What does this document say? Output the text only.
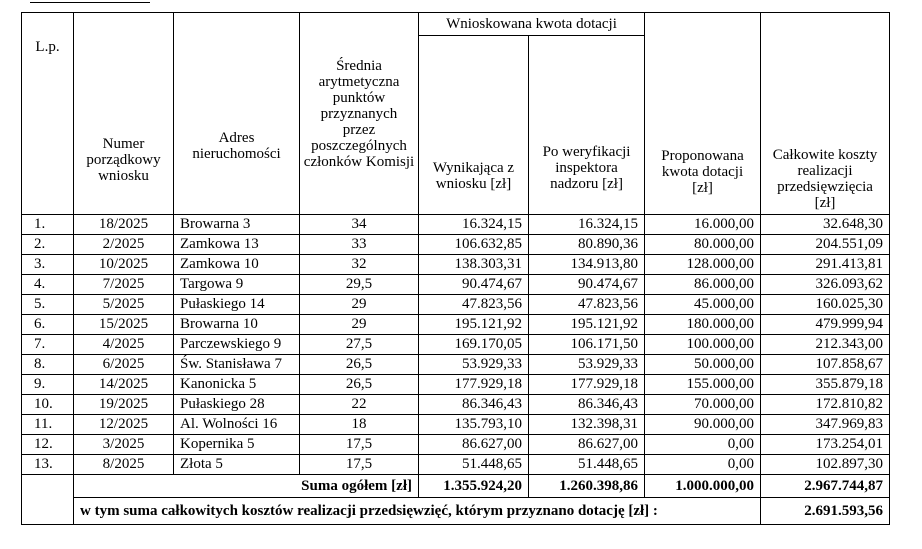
L.p.	Numer porządkowy wniosku	Adres nieruchomości	Średnia arytmetyczna punktów przyznanych przez poszczególnych członków Komisji	Wnioskowana kwota dotacji		Proponowana kwota dotacji [zł]	Całkowite koszty realizacji przedsięwzięcia [zł]
				Wynikająca z wniosku [zł]	Po weryfikacji inspektora nadzoru [zł]		
1.	18/2025	Browarna 3	34	16.324,15	16.324,15	16.000,00	32.648,30
2.	2/2025	Zamkowa 13	33	106.632,85	80.890,36	80.000,00	204.551,09
3.	10/2025	Zamkowa 10	32	138.303,31	134.913,80	128.000,00	291.413,81
4.	7/2025	Targowa 9	29,5	90.474,67	90.474,67	86.000,00	326.093,62
5.	5/2025	Pułaskiego 14	29	47.823,56	47.823,56	45.000,00	160.025,30
6.	15/2025	Browarna 10	29	195.121,92	195.121,92	180.000,00	479.999,94
7.	4/2025	Parczewskiego 9	27,5	169.170,05	106.171,50	100.000,00	212.343,00
8.	6/2025	Św. Stanisława 7	26,5	53.929,33	53.929,33	50.000,00	107.858,67
9.	14/2025	Kanonicka 5	26,5	177.929,18	177.929,18	155.000,00	355.879,18
10.	19/2025	Pułaskiego 28	22	86.346,43	86.346,43	70.000,00	172.810,82
11.	12/2025	Al. Wolności 16	18	135.793,10	132.398,31	90.000,00	347.969,83
12.	3/2025	Kopernika 5	17,5	86.627,00	86.627,00	0,00	173.254,01
13.	8/2025	Złota 5	17,5	51.448,65	51.448,65	0,00	102.897,30
	Suma ogółem [zł]			1.355.924,20	1.260.398,86	1.000.000,00	2.967.744,87
	w tym suma całkowitych kosztów realizacji przedsięwzięć, którym przyznano dotację [zł] :						2.691.593,56
